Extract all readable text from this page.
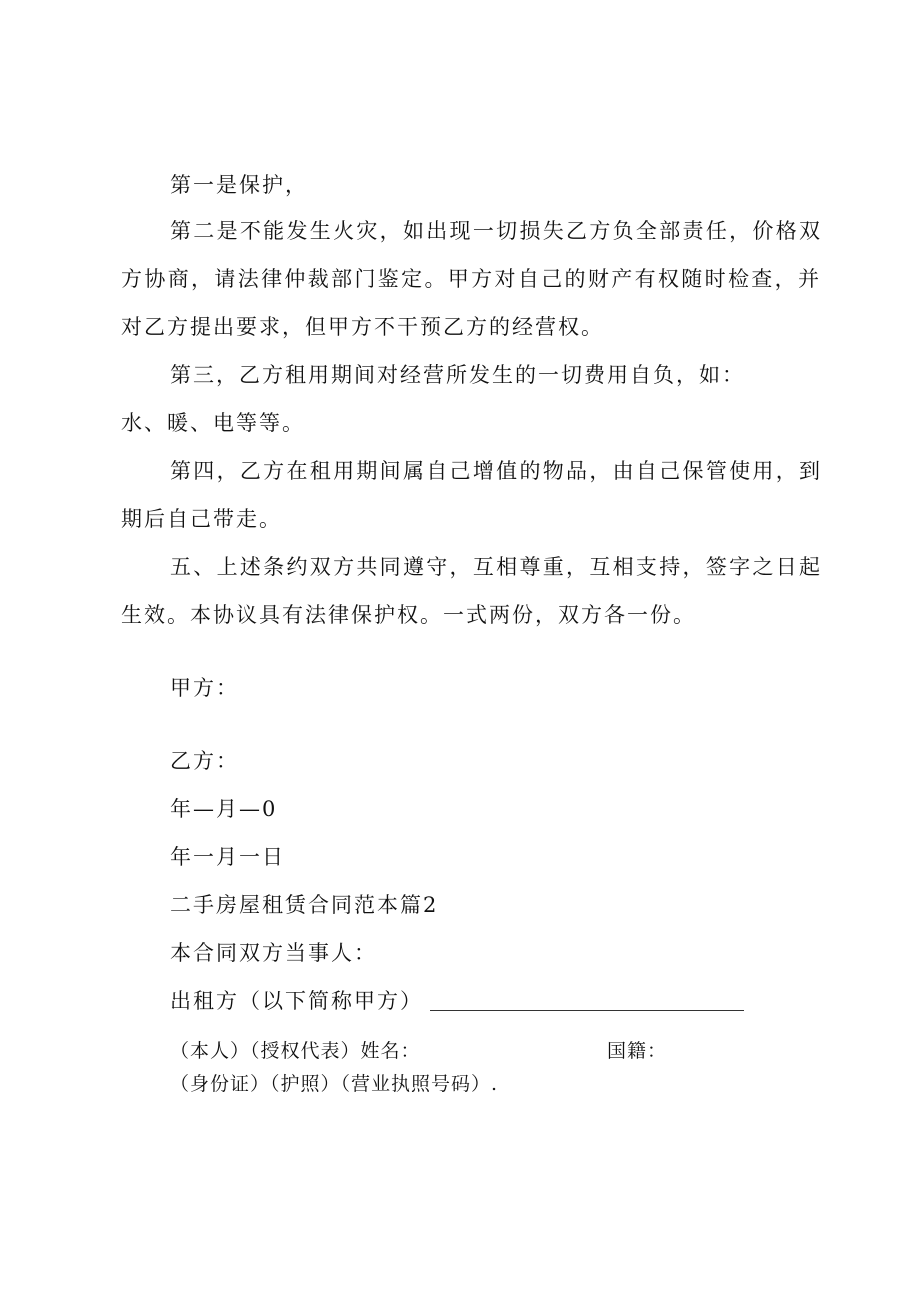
第一是保护，
第二是不能发生火灾，如出现一切损失乙方负全部责任，价格双
方协商，请法律仲裁部门鉴定。甲方对自己的财产有权随时检查，并
对乙方提出要求，但甲方不干预乙方的经营权。
第三，乙方租用期间对经营所发生的一切费用自负，如：
水、暖、电等等。
第四，乙方在租用期间属自己增值的物品，由自己保管使用，到
期后自己带走。
五、上述条约双方共同遵守，互相尊重，互相支持，签字之日起
生效。本协议具有法律保护权。一式两份，双方各一份。
甲方：
乙方：
年—月—0
年一月一日
二手房屋租赁合同范本篇2
本合同双方当事人：
出租方（以下简称甲方）
（本人）（授权代表）姓名：	国籍：
（身份证）（护照）（营业执照号码）.
